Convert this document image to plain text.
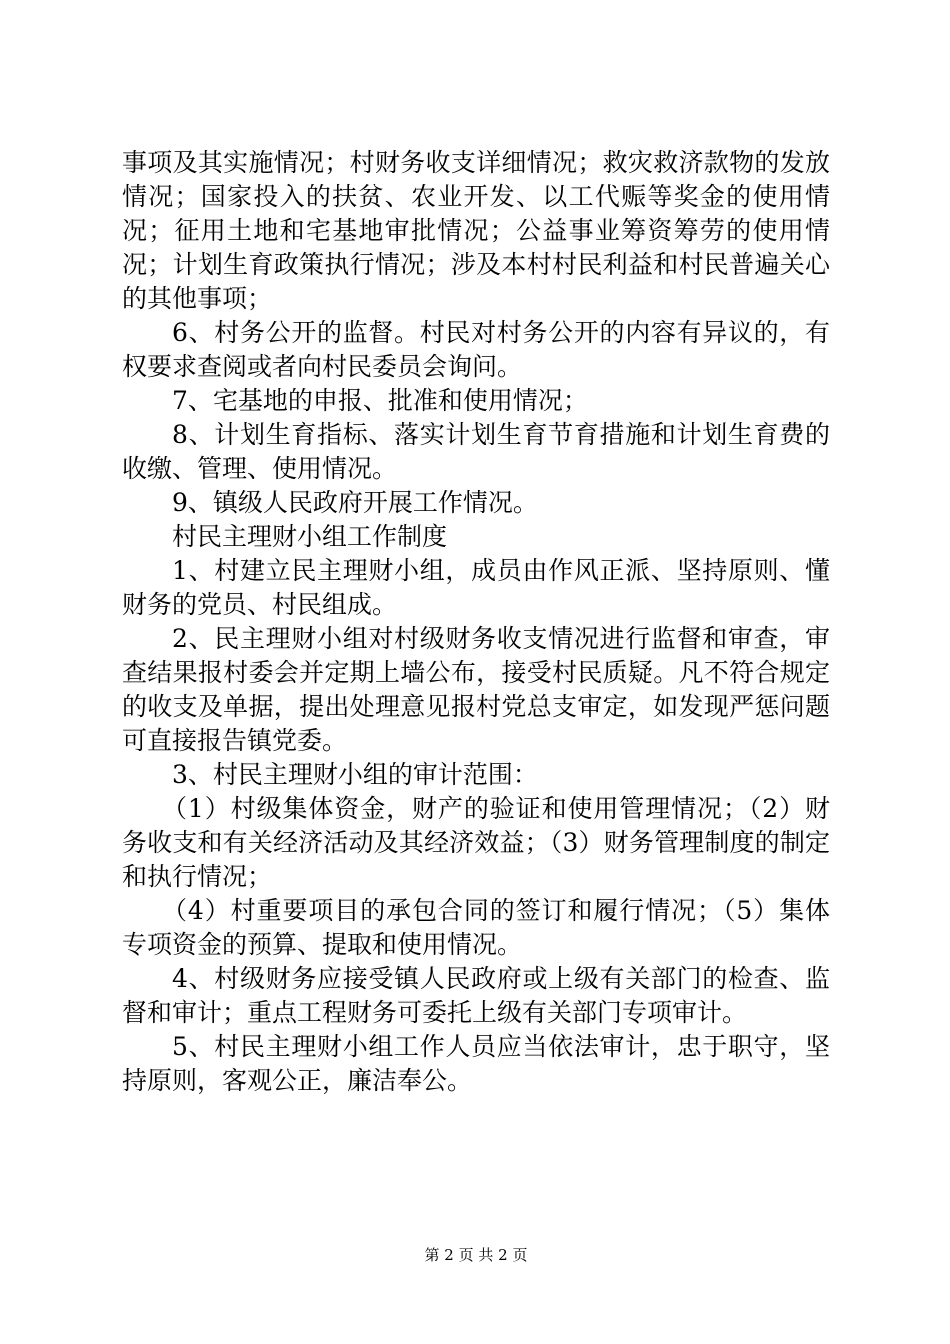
事项及其实施情况；村财务收支详细情况；救灾救济款物的发放情况；国家投入的扶贫、农业开发、以工代赈等奖金的使用情况；征用土地和宅基地审批情况；公益事业筹资筹劳的使用情况；计划生育政策执行情况；涉及本村村民利益和村民普遍关心的其他事项；

6、村务公开的监督。村民对村务公开的内容有异议的，有权要求查阅或者向村民委员会询问。

7、宅基地的申报、批准和使用情况；

8、计划生育指标、落实计划生育节育措施和计划生育费的收缴、管理、使用情况。

9、镇级人民政府开展工作情况。

村民主理财小组工作制度

1、村建立民主理财小组，成员由作风正派、坚持原则、懂财务的党员、村民组成。

2、民主理财小组对村级财务收支情况进行监督和审查，审查结果报村委会并定期上墙公布，接受村民质疑。凡不符合规定的收支及单据，提出处理意见报村党总支审定，如发现严惩问题可直接报告镇党委。

3、村民主理财小组的审计范围：

（1）村级集体资金，财产的验证和使用管理情况；（2）财务收支和有关经济活动及其经济效益；（3）财务管理制度的制定和执行情况；

（4）村重要项目的承包合同的签订和履行情况；（5）集体专项资金的预算、提取和使用情况。

4、村级财务应接受镇人民政府或上级有关部门的检查、监督和审计；重点工程财务可委托上级有关部门专项审计。

5、村民主理财小组工作人员应当依法审计，忠于职守，坚持原则，客观公正，廉洁奉公。

第 2 页 共 2 页
